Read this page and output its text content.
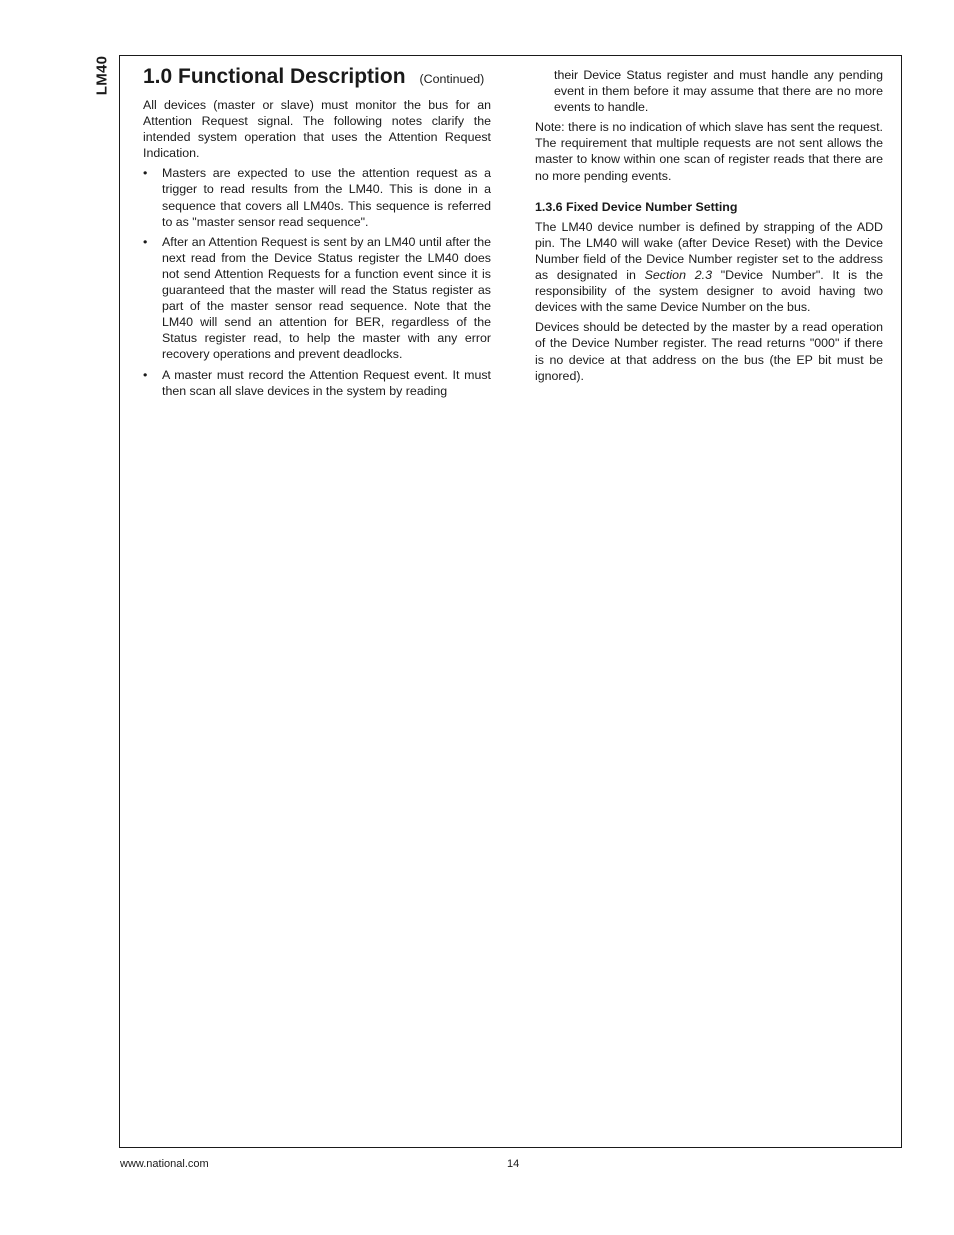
LM40 1.0 Functional Description (Continued)

All devices (master or slave) must monitor the bus for an Attention Request signal. The following notes clarify the intended system operation that uses the Attention Request Indication.

• Masters are expected to use the attention request as a trigger to read results from the LM40. This is done in a sequence that covers all LM40s. This sequence is referred to as "master sensor read sequence".
• After an Attention Request is sent by an LM40 until after the next read from the Device Status register the LM40 does not send Attention Requests for a function event since it is guaranteed that the master will read the Status register as part of the master sensor read sequence. Note that the LM40 will send an attention for BER, regardless of the Status register read, to help the master with any error recovery operations and prevent deadlocks.
• A master must record the Attention Request event. It must then scan all slave devices in the system by reading
their Device Status register and must handle any pending event in them before it may assume that there are no more events to handle.

Note: there is no indication of which slave has sent the request. The requirement that multiple requests are not sent allows the master to know within one scan of register reads that there are no more pending events.

1.3.6 Fixed Device Number Setting

The LM40 device number is defined by strapping of the ADD pin. The LM40 will wake (after Device Reset) with the Device Number field of the Device Number register set to the address as designated in Section 2.3 "Device Number". It is the responsibility of the system designer to avoid having two devices with the same Device Number on the bus.

Devices should be detected by the master by a read operation of the Device Number register. The read returns "000" if there is no device at that address on the bus (the EP bit must be ignored).

www.national.com	14
